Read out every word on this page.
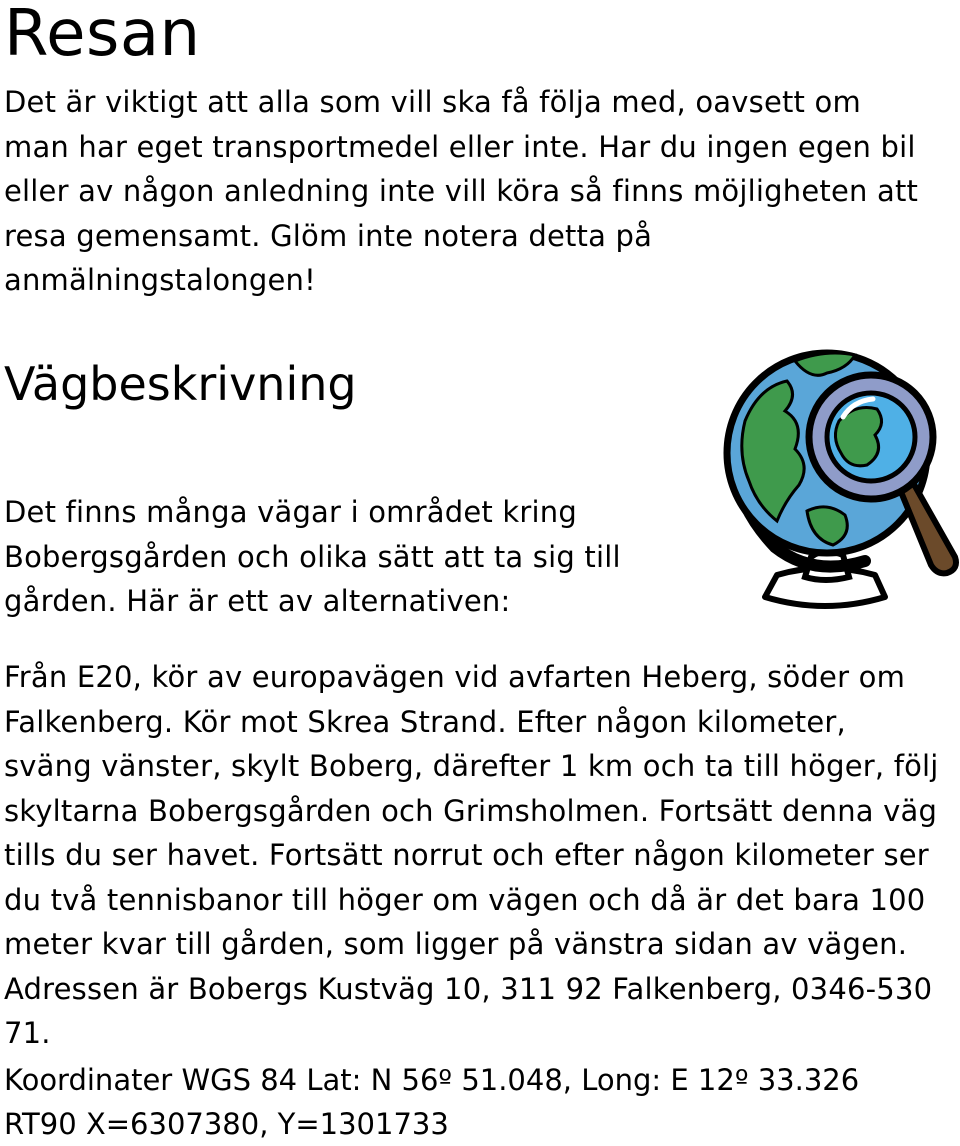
Resan

Det är viktigt att alla som vill ska få följa med, oavsett om man har eget transportmedel eller inte. Har du ingen egen bil eller av någon anledning inte vill köra så finns möjligheten att resa gemensamt. Glöm inte notera detta på anmälningstalongen!

Vägbeskrivning

Det finns många vägar i området kring Bobergsgården och olika sätt att ta sig till gården. Här är ett av alternativen:

Från E20, kör av europavägen vid avfarten Heberg, söder om Falkenberg. Kör mot Skrea Strand. Efter någon kilometer, sväng vänster, skylt Boberg, därefter 1 km och ta till höger, följ skyltarna Bobergsgården och Grimsholmen. Fortsätt denna väg tills du ser havet. Fortsätt norrut och efter någon kilometer ser du två tennisbanor till höger om vägen och då är det bara 100 meter kvar till gården, som ligger på vänstra sidan av vägen. Adressen är Bobergs Kustväg 10, 311 92 Falkenberg, 0346-530 71.

Koordinater WGS 84 Lat: N 56º 51.048, Long: E 12º 33.326

RT90 X=6307380, Y=1301733
